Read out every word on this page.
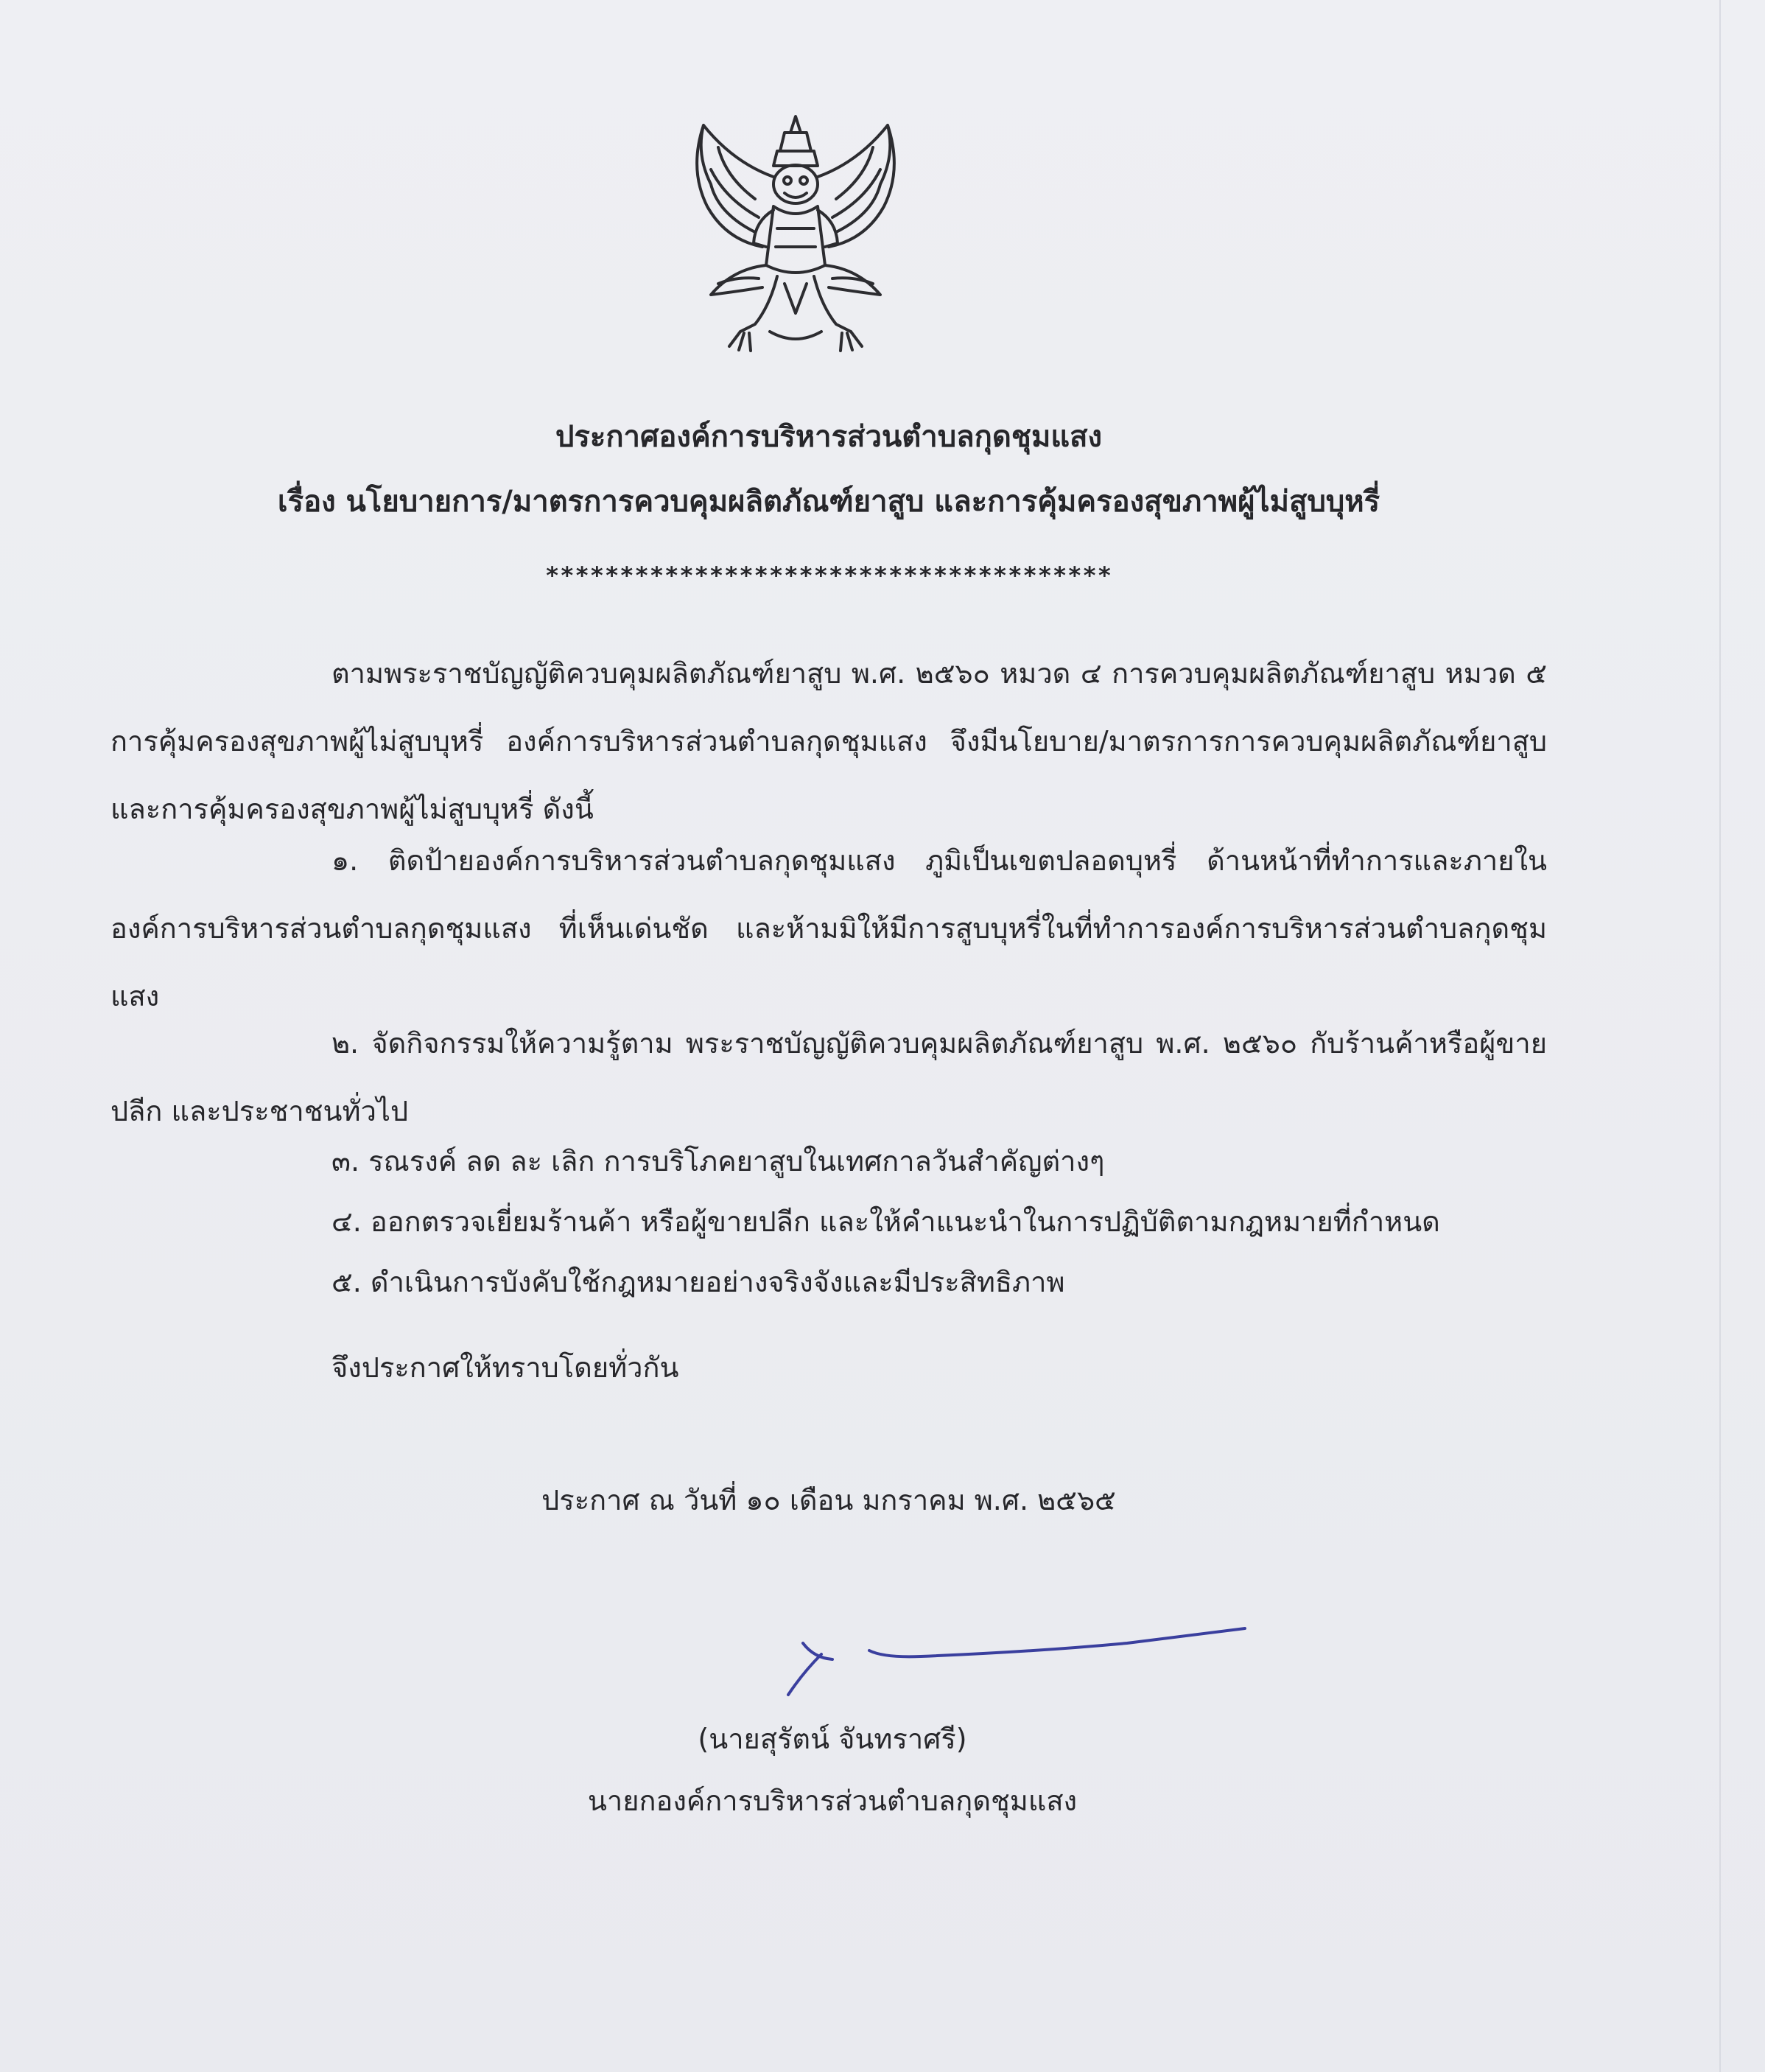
ประกาศองค์การบริหารส่วนตำบลกุดชุมแสง
เรื่อง นโยบายการ/มาตรการควบคุมผลิตภัณฑ์ยาสูบ และการคุ้มครองสุขภาพผู้ไม่สูบบุหรี่
**************************************
ตามพระราชบัญญัติควบคุมผลิตภัณฑ์ยาสูบ พ.ศ. ๒๕๖๐ หมวด ๔ การควบคุมผลิตภัณฑ์ยาสูบ หมวด ๕ การคุ้มครองสุขภาพผู้ไม่สูบบุหรี่ องค์การบริหารส่วนตำบลกุดชุมแสง จึงมีนโยบาย/มาตรการการควบคุมผลิตภัณฑ์ยาสูบ และการคุ้มครองสุขภาพผู้ไม่สูบบุหรี่ ดังนี้
๑. ติดป้ายองค์การบริหารส่วนตำบลกุดชุมแสง ภูมิเป็นเขตปลอดบุหรี่ ด้านหน้าที่ทำการและภายใน องค์การบริหารส่วนตำบลกุดชุมแสง ที่เห็นเด่นชัด และห้ามมิให้มีการสูบบุหรี่ในที่ทำการองค์การบริหารส่วนตำบลกุดชุมแสง
๒. จัดกิจกรรมให้ความรู้ตาม พระราชบัญญัติควบคุมผลิตภัณฑ์ยาสูบ พ.ศ. ๒๕๖๐ กับร้านค้าหรือผู้ขายปลีก และประชาชนทั่วไป
๓. รณรงค์ ลด ละ เลิก การบริโภคยาสูบในเทศกาลวันสำคัญต่างๆ
๔. ออกตรวจเยี่ยมร้านค้า หรือผู้ขายปลีก และให้คำแนะนำในการปฏิบัติตามกฎหมายที่กำหนด
๕. ดำเนินการบังคับใช้กฎหมายอย่างจริงจังและมีประสิทธิภาพ
จึงประกาศให้ทราบโดยทั่วกัน
ประกาศ ณ วันที่ ๑๐ เดือน มกราคม พ.ศ. ๒๕๖๕
(นายสุรัตน์ จันทราศรี)
นายกองค์การบริหารส่วนตำบลกุดชุมแสง
